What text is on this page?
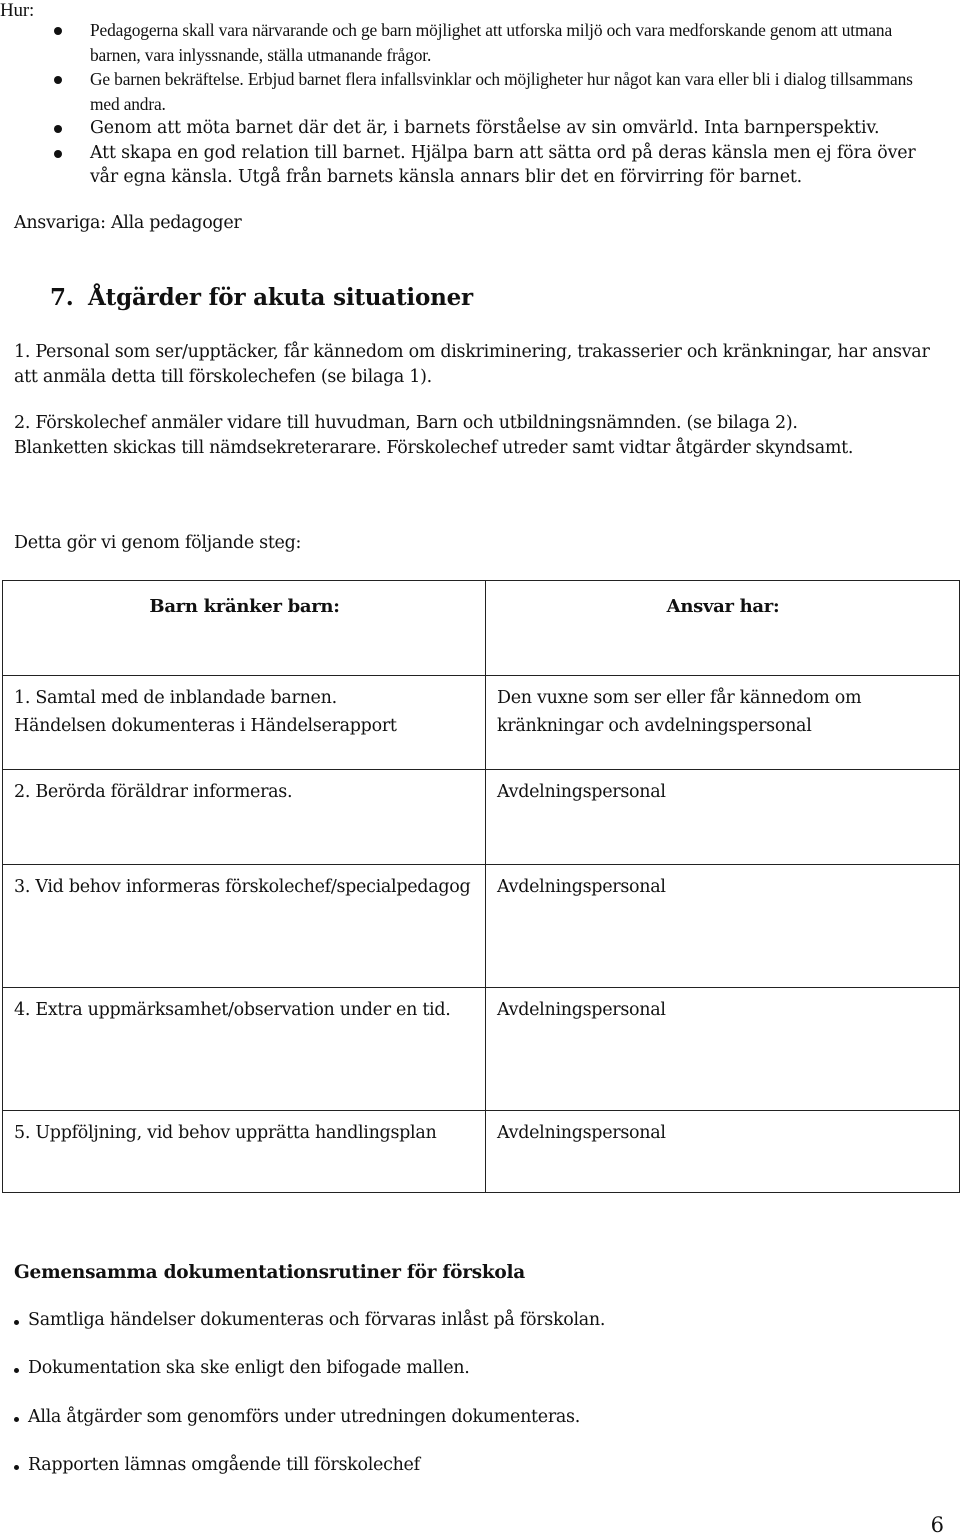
Hur:
Pedagogerna skall vara närvarande och ge barn möjlighet att utforska miljö och vara medforskande genom att utmana barnen, vara inlyssnande, ställa utmanande frågor.
Ge barnen bekräftelse. Erbjud barnet flera infallsvinklar och möjligheter hur något kan vara eller bli i dialog tillsammans med andra.
Genom att möta barnet där det är, i barnets förståelse av sin omvärld. Inta barnperspektiv.
Att skapa en god relation till barnet. Hjälpa barn att sätta ord på deras känsla men ej föra över vår egna känsla. Utgå från barnets känsla annars blir det en förvirring för barnet.
Ansvariga: Alla pedagoger
7. Åtgärder för akuta situationer
1. Personal som ser/upptäcker, får kännedom om diskriminering, trakasserier och kränkningar, har ansvar att anmäla detta till förskolechefen (se bilaga 1).
2. Förskolechef anmäler vidare till huvudman, Barn och utbildningsnämnden. (se bilaga 2).
Blanketten skickas till nämdsekreterarare. Förskolechef utreder samt vidtar åtgärder skyndsamt.
Detta gör vi genom följande steg:
Barn kränker barn:	Ansvar har:

1. Samtal med de inblandade barnen.
Händelsen dokumenteras i Händelserapport	Den vuxne som ser eller får kännedom om kränkningar och avdelningspersonal

2. Berörda föräldrar informeras.	Avdelningspersonal

3. Vid behov informeras förskolechef/specialpedagog	Avdelningspersonal

4. Extra uppmärksamhet/observation under en tid.	Avdelningspersonal

5. Uppföljning, vid behov upprätta handlingsplan	Avdelningspersonal
Gemensamma dokumentationsrutiner för förskola
Samtliga händelser dokumenteras och förvaras inlåst på förskolan.
Dokumentation ska ske enligt den bifogade mallen.
Alla åtgärder som genomförs under utredningen dokumenteras.
Rapporten lämnas omgående till förskolechef
6
